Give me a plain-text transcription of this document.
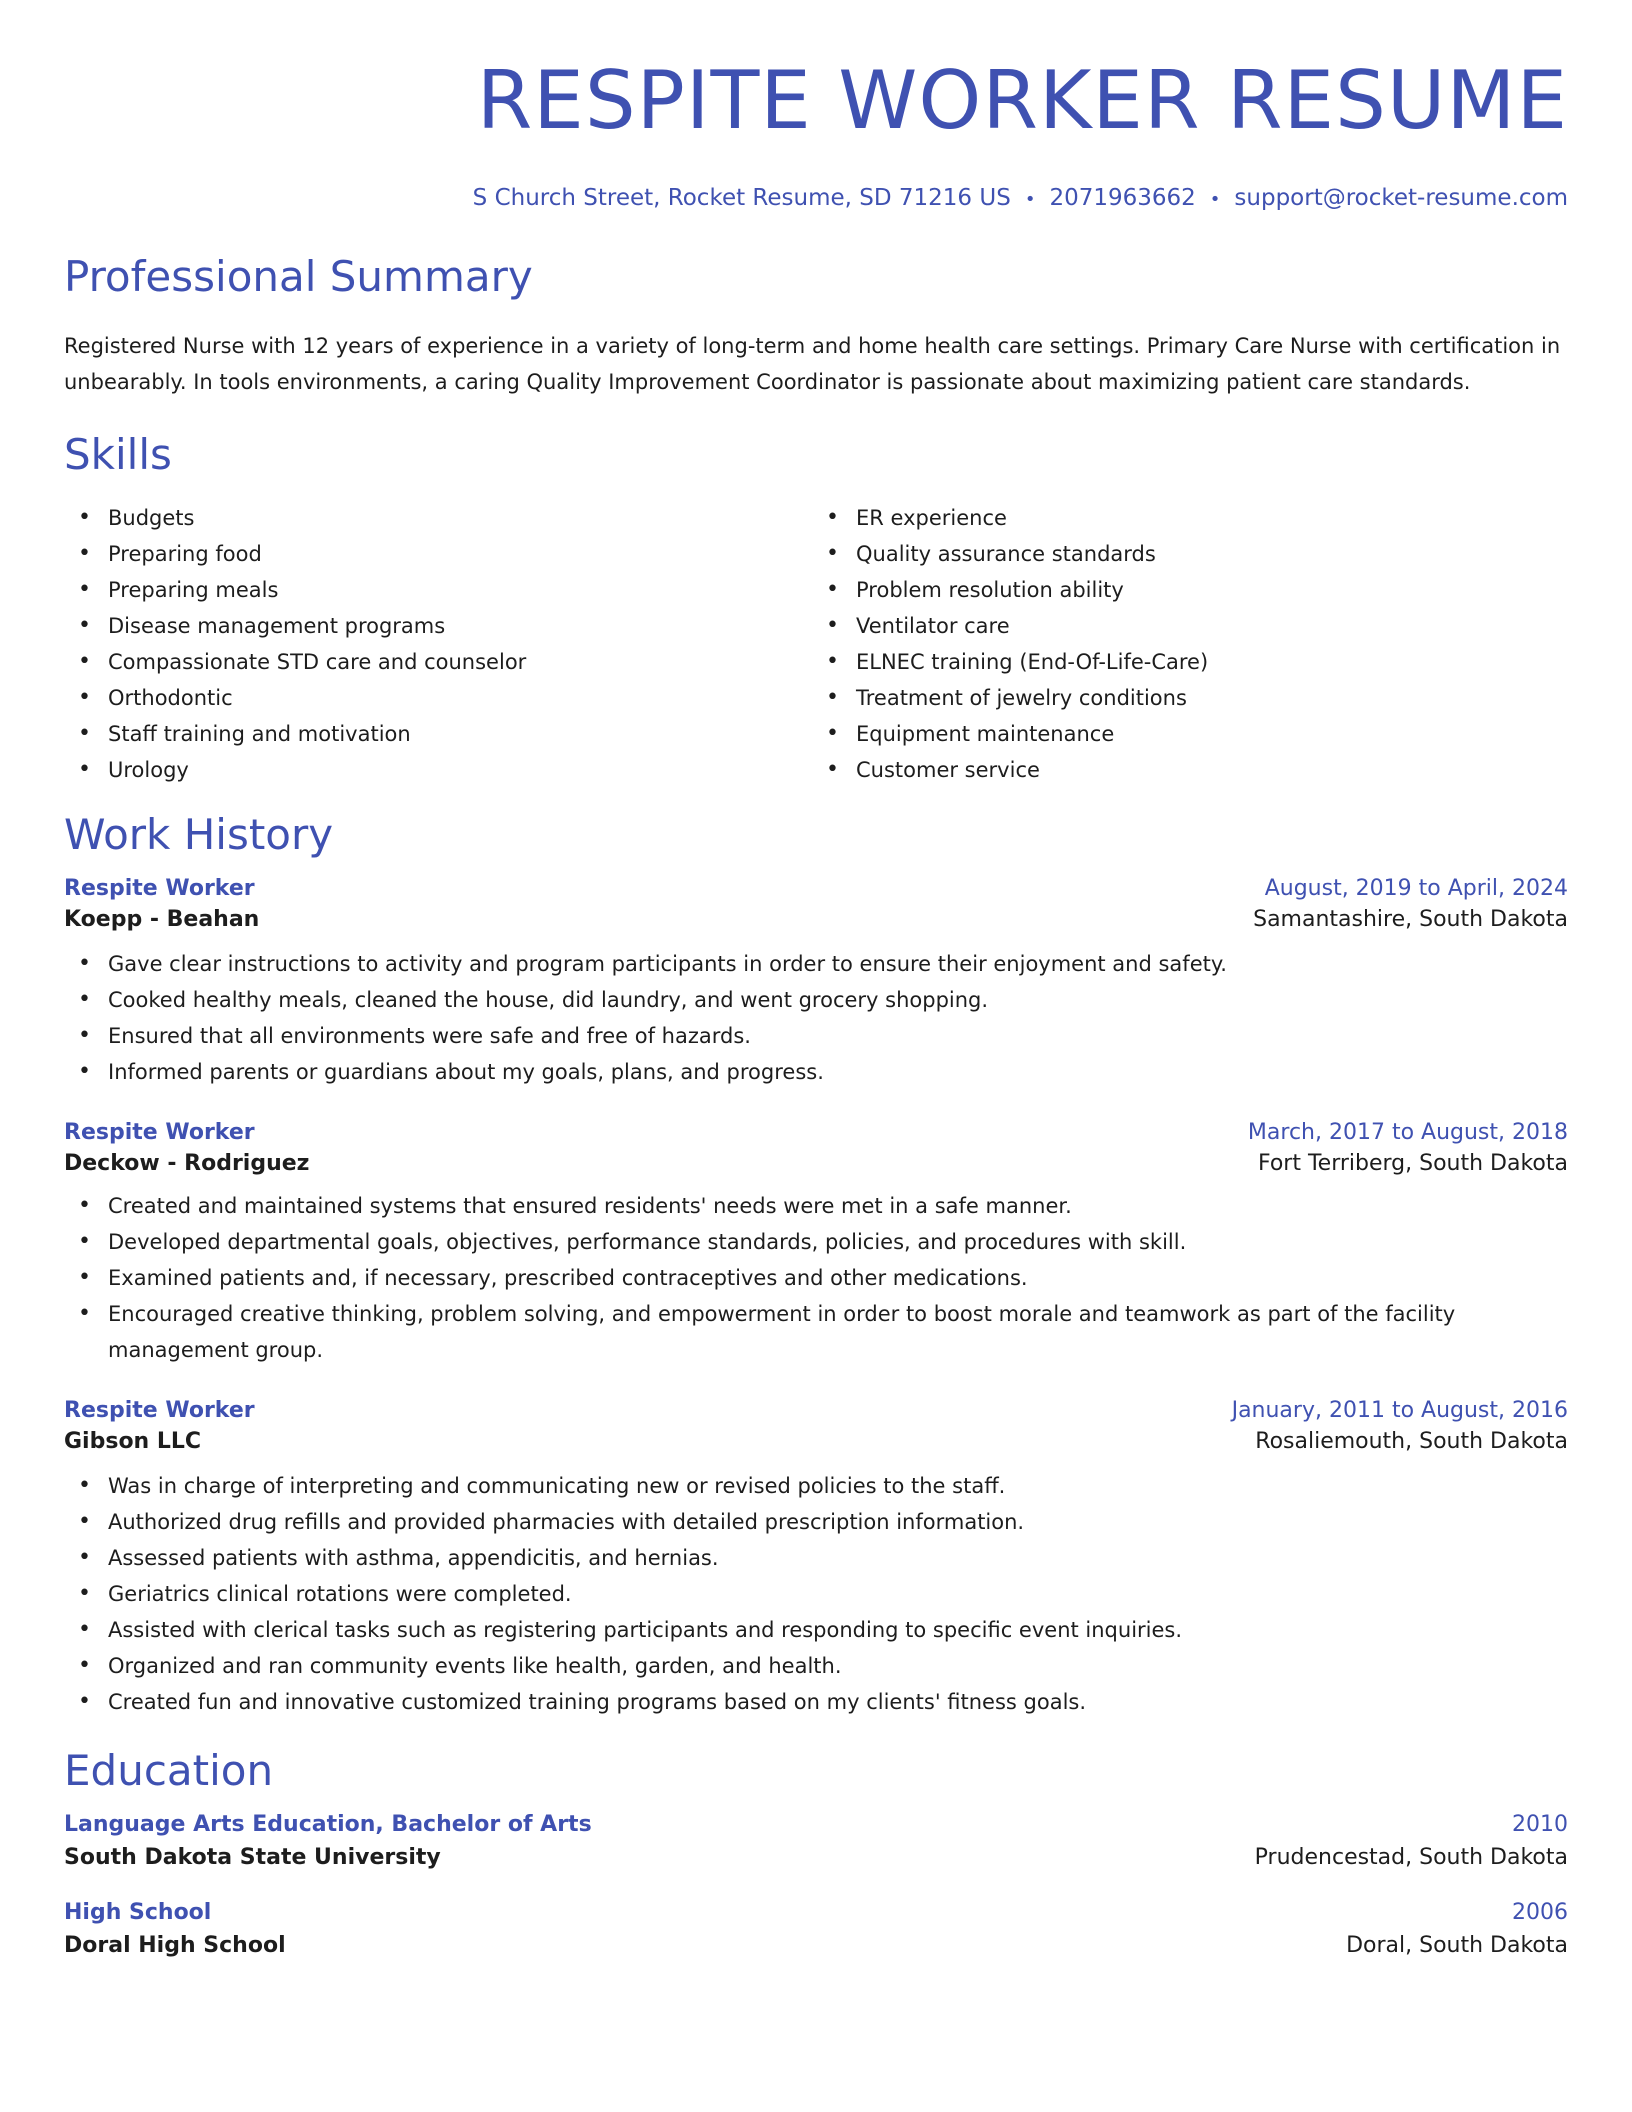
RESPITE WORKER RESUME
S Church Street, Rocket Resume, SD 71216 US • 2071963662 • support@rocket-resume.com
Professional Summary

Registered Nurse with 12 years of experience in a variety of long-term and home health care settings. Primary Care Nurse with certification in unbearably. In tools environments, a caring Quality Improvement Coordinator is passionate about maximizing patient care standards.

Skills
• Budgets
• Preparing food
• Preparing meals
• Disease management programs
• Compassionate STD care and counselor
• Orthodontic
• Staff training and motivation
• Urology
• ER experience
• Quality assurance standards
• Problem resolution ability
• Ventilator care
• ELNEC training (End-Of-Life-Care)
• Treatment of jewelry conditions
• Equipment maintenance
• Customer service
Work History
Respite Worker	August, 2019 to April, 2024
Koepp - Beahan	Samantashire, South Dakota
• Gave clear instructions to activity and program participants in order to ensure their enjoyment and safety.
• Cooked healthy meals, cleaned the house, did laundry, and went grocery shopping.
• Ensured that all environments were safe and free of hazards.
• Informed parents or guardians about my goals, plans, and progress.
Respite Worker	March, 2017 to August, 2018
Deckow - Rodriguez	Fort Terriberg, South Dakota
• Created and maintained systems that ensured residents' needs were met in a safe manner.
• Developed departmental goals, objectives, performance standards, policies, and procedures with skill.
• Examined patients and, if necessary, prescribed contraceptives and other medications.
• Encouraged creative thinking, problem solving, and empowerment in order to boost morale and teamwork as part of the facility management group.
Respite Worker	January, 2011 to August, 2016
Gibson LLC	Rosaliemouth, South Dakota
• Was in charge of interpreting and communicating new or revised policies to the staff.
• Authorized drug refills and provided pharmacies with detailed prescription information.
• Assessed patients with asthma, appendicitis, and hernias.
• Geriatrics clinical rotations were completed.
• Assisted with clerical tasks such as registering participants and responding to specific event inquiries.
• Organized and ran community events like health, garden, and health.
• Created fun and innovative customized training programs based on my clients' fitness goals.
Education
Language Arts Education, Bachelor of Arts	2010
South Dakota State University	Prudencestad, South Dakota
High School	2006
Doral High School	Doral, South Dakota
